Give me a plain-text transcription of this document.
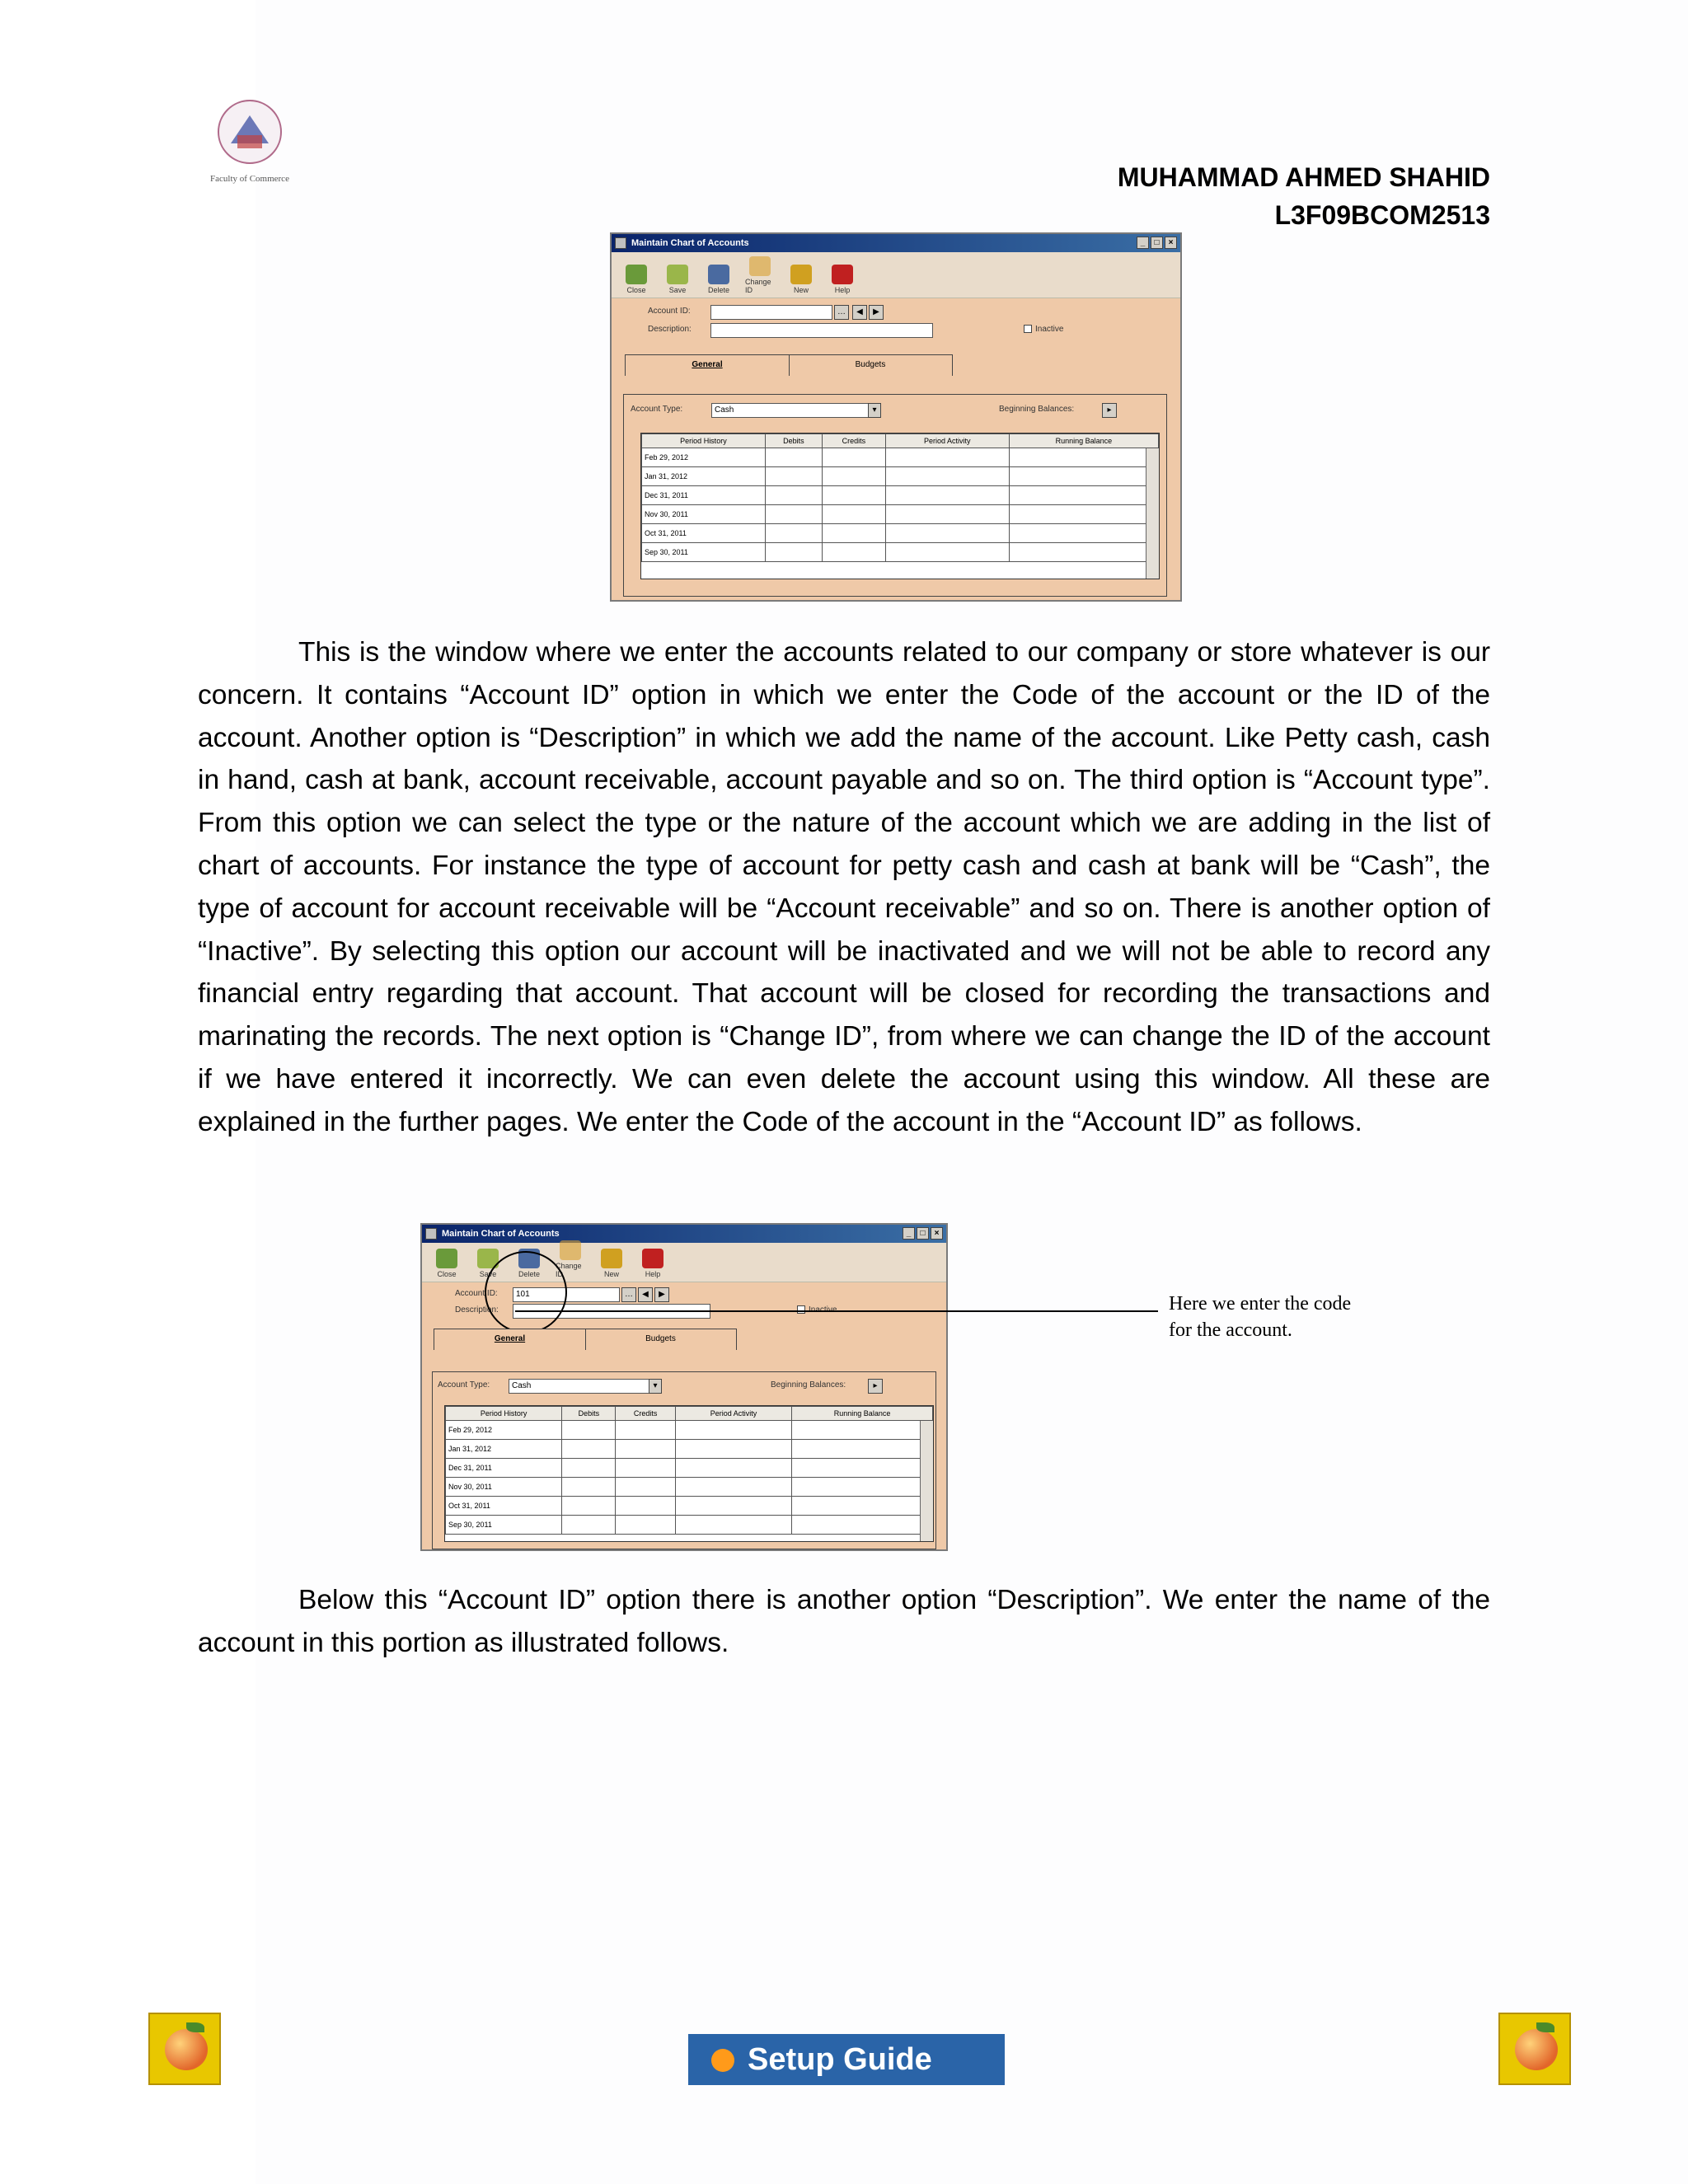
Faculty of Commerce	MUHAMMAD AHMED SHAHID
L3F09BCOM2513
Maintain Chart of Accounts	_	□	×
Close	Save	Delete
Change ID	New	Help
Account ID:	…	◀	▶
Description:	Inactive
General	Budgets
Account Type:	Cash	▾	Beginning Balances:	▸
Period History	Debits	Credits	Period Activity	Running Balance
Feb 29, 2012				
Jan 31, 2012				
Dec 31, 2011				
Nov 30, 2011				
Oct 31, 2011				
Sep 30, 2011				
This is the window where we enter the accounts related to our company or store whatever is our concern. It contains “Account ID” option in which we enter the Code of the account or the ID of the account. Another option is “Description” in which we add the name of the account. Like Petty cash, cash in hand, cash at bank, account receivable, account payable and so on. The third option is “Account type”. From this option we can select the type or the nature of the account which we are adding in the list of chart of accounts. For instance the type of account for petty cash and cash at bank will be “Cash”, the type of account for account receivable will be “Account receivable” and so on. There is another option of “Inactive”. By selecting this option our account will be inactivated and we will not be able to record any financial entry regarding that account. That account will be closed for recording the transactions and marinating the records. The next option is “Change ID”, from where we can change the ID of the account if we have entered it incorrectly. We can even delete the account using this window. All these are explained in the further pages. We enter the Code of the account in the “Account ID” as follows.
Maintain Chart of Accounts	_	□	×
Close	Save	Delete
Change ID	New	Help
Account ID:	101	…	◀	▶
Description:
General	Budgets
Account Type:	Cash	▾	Beginning Balances:	▸
Period History	Debits	Credits	Period Activity	Running Balance
Feb 29, 2012				
Jan 31, 2012				
Dec 31, 2011				
Nov 30, 2011				
Oct 31, 2011				
Sep 30, 2011				
Here we enter the code
for the account.
Below this “Account ID” option there is another option “Description”. We enter the name of the account in this portion as illustrated follows.
Setup Guide
